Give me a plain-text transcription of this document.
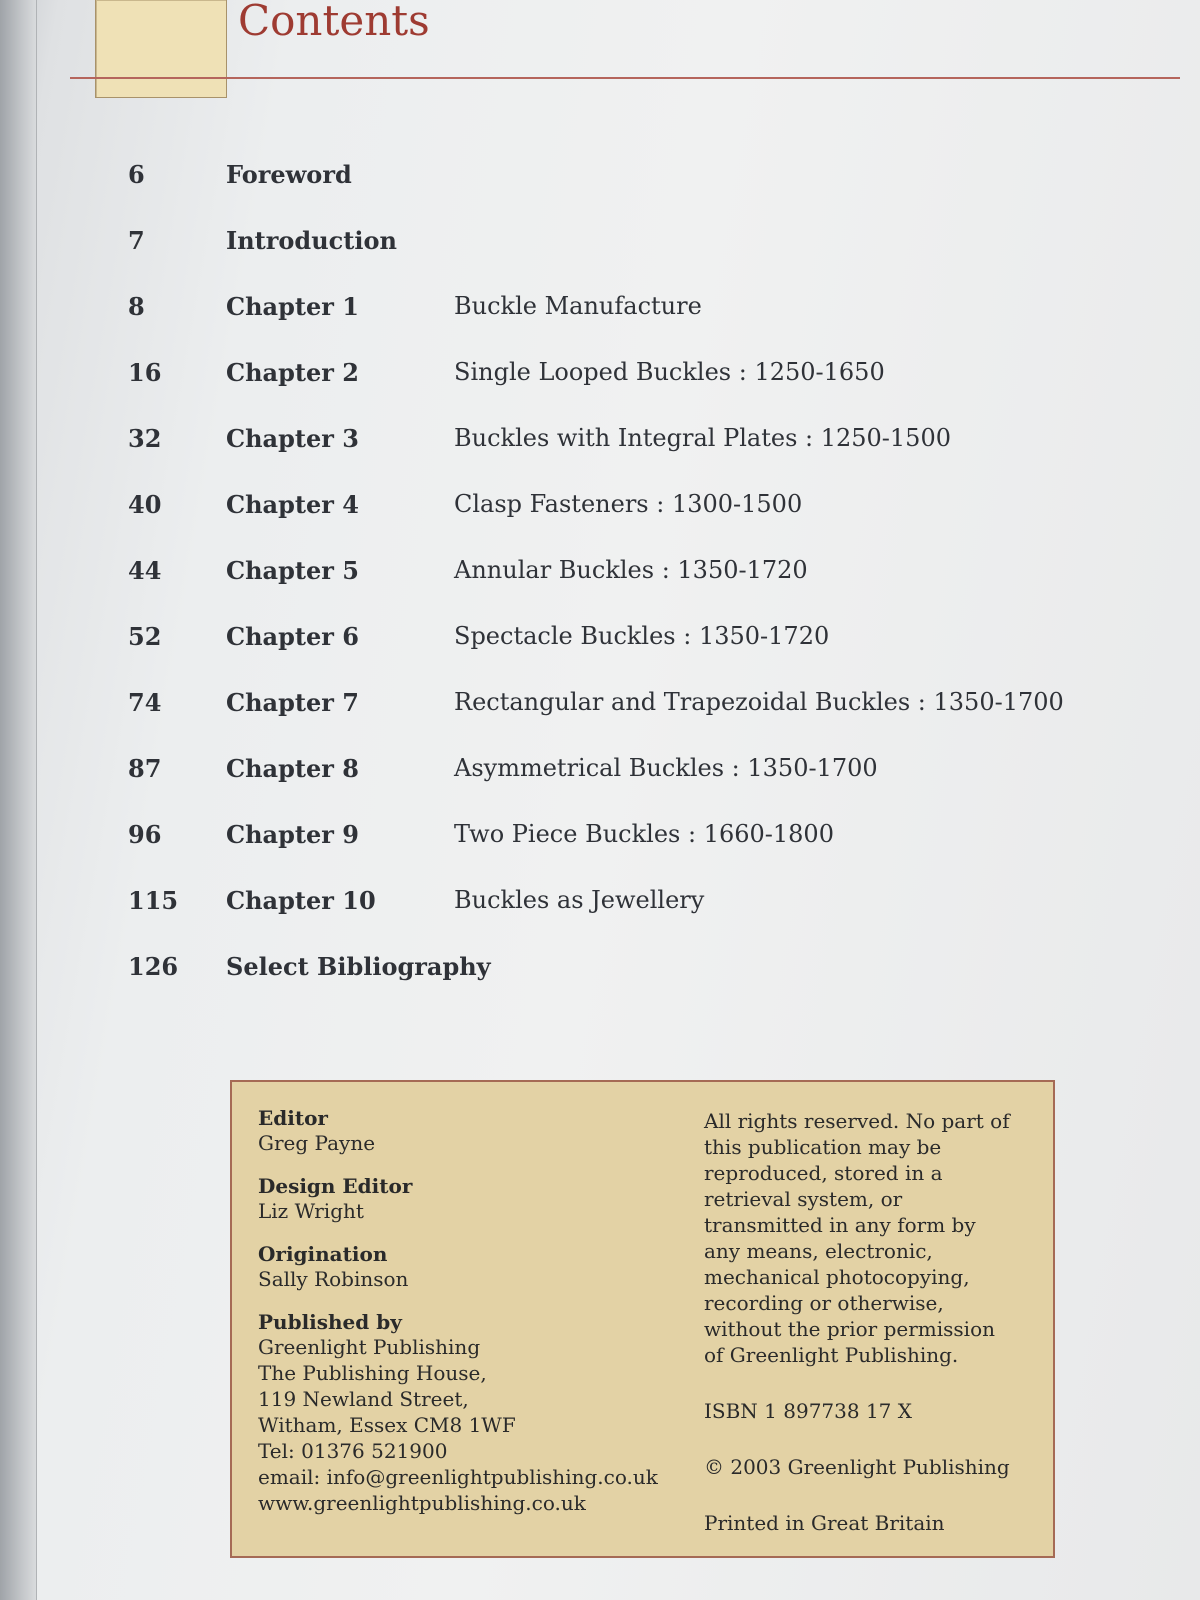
Contents
6	Foreword
7	Introduction
8	Chapter 1	Buckle Manufacture
16	Chapter 2	Single Looped Buckles : 1250-1650
32	Chapter 3	Buckles with Integral Plates : 1250-1500
40	Chapter 4	Clasp Fasteners : 1300-1500
44	Chapter 5	Annular Buckles : 1350-1720
52	Chapter 6	Spectacle Buckles : 1350-1720
74	Chapter 7	Rectangular and Trapezoidal Buckles : 1350-1700
87	Chapter 8	Asymmetrical Buckles : 1350-1700
96	Chapter 9	Two Piece Buckles : 1660-1800
115 Chapter 10	Buckles as Jewellery
126 Select Bibliography
Editor
Greg Payne
Design Editor
Liz Wright
Origination
Sally Robinson
Published by
Greenlight Publishing
The Publishing House,
119 Newland Street,
Witham, Essex CM8 1WF
Tel: 01376 521900
email: info@greenlightpublishing.co.uk
www.greenlightpublishing.co.uk

All rights reserved. No part of
this publication may be
reproduced, stored in a
retrieval system, or
transmitted in any form by
any means, electronic,
mechanical photocopying,
recording or otherwise,
without the prior permission
of Greenlight Publishing.

ISBN 1 897738 17 X
© 2003 Greenlight Publishing
Printed in Great Britain
